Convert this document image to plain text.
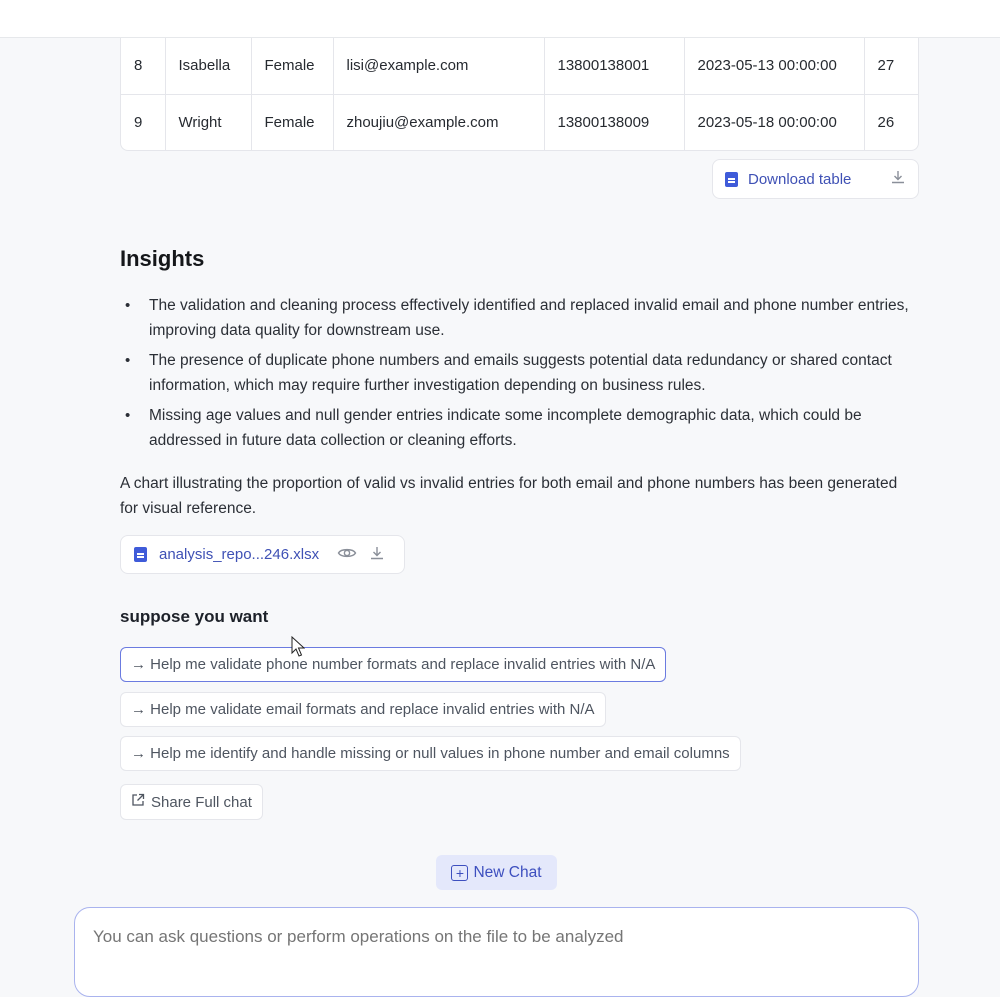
8	Isabella	Female	lisi@example.com	13800138001	2023-05-13 00:00:00	27
9	Wright	Female	zhoujiu@example.com	13800138009	2023-05-18 00:00:00	26
Download table
Insights
• The validation and cleaning process effectively identified and replaced invalid email and phone number entries, improving data quality for downstream use.
• The presence of duplicate phone numbers and emails suggests potential data redundancy or shared contact information, which may require further investigation depending on business rules.
• Missing age values and null gender entries indicate some incomplete demographic data, which could be addressed in future data collection or cleaning efforts.

A chart illustrating the proportion of valid vs invalid entries for both email and phone numbers has been generated for visual reference.

analysis_repo...246.xlsx
suppose you want
→ Help me validate phone number formats and replace invalid entries with N/A
→ Help me validate email formats and replace invalid entries with N/A
→ Help me identify and handle missing or null values in phone number and email columns
Share Full chat
+ New Chat
You can ask questions or perform operations on the file to be analyzed
